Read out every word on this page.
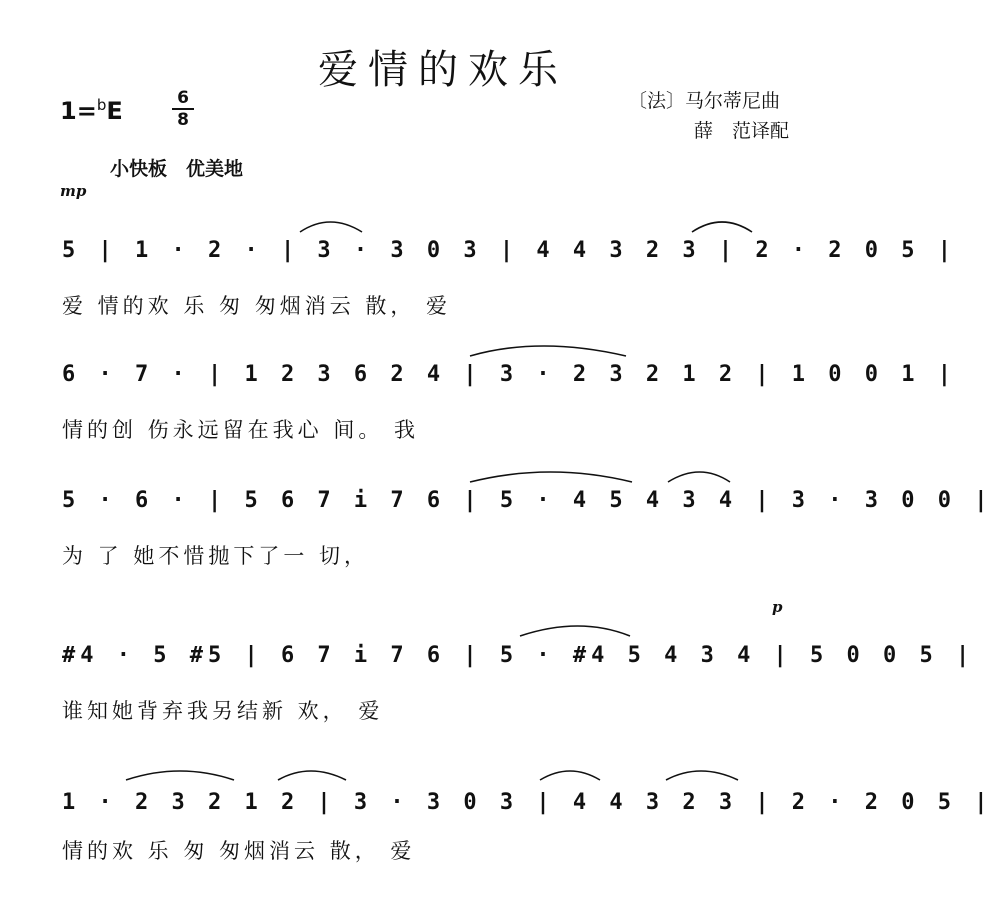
爱情的欢乐
〔法〕马尔蒂尼曲
薛　范译配
1=$^b$E	6
8
小快板　优美地
mp
p
5 | 1 · 2 · | 3 · 3 0 3 | 4 4 3 2 3 | 2 · 2 0 5 |
爱 情的欢 乐 匆 匆烟消云 散， 爱
6 · 7 · | 1 2 3 6 2 4 | 3 · 2 3 2 1 2 | 1 0 0 1 |
情的创 伤永远留在我心 间。 我
5 · 6 · | 5 6 7 i 7 6 | 5 · 4 5 4 3 4 | 3 · 3 0 0 |
为 了 她不惜抛下了一 切，
#4 · 5 #5 | 6 7 i 7 6 | 5 · #4 5 4 3 4 | 5 0 0 5 |
谁知她背弃我另结新 欢， 爱
1 · 2 3 2 1 2 | 3 · 3 0 3 | 4 4 3 2 3 | 2 · 2 0 5 |
情的欢 乐 匆 匆烟消云 散， 爱
